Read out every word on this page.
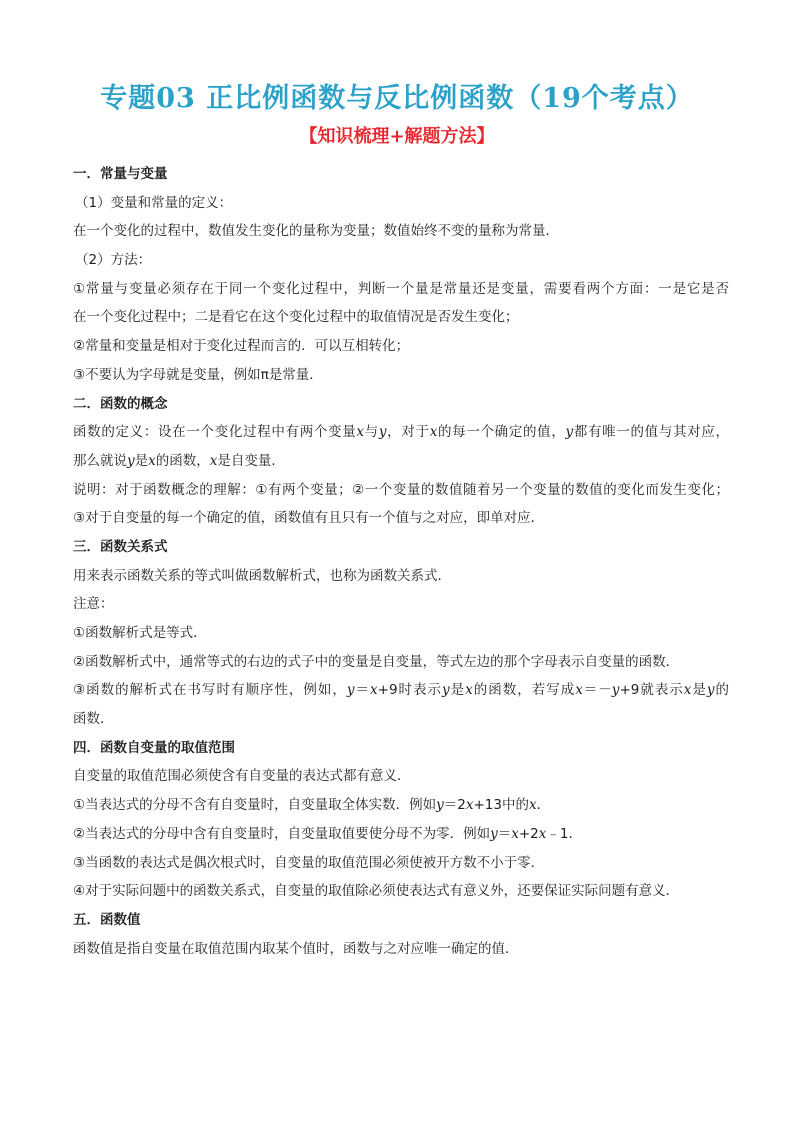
专题03 正比例函数与反比例函数（19个考点）
【知识梳理+解题方法】
一．常量与变量
（1）变量和常量的定义：
在一个变化的过程中，数值发生变化的量称为变量；数值始终不变的量称为常量．
（2）方法：
①常量与变量必须存在于同一个变化过程中，判断一个量是常量还是变量，需要看两个方面：一是它是否
在一个变化过程中；二是看它在这个变化过程中的取值情况是否发生变化；
②常量和变量是相对于变化过程而言的．可以互相转化；
③不要认为字母就是变量，例如π是常量．
二．函数的概念
函数的定义：设在一个变化过程中有两个变量x与y，对于x的每一个确定的值，y都有唯一的值与其对应，
那么就说y是x的函数，x是自变量．
说明：对于函数概念的理解：①有两个变量；②一个变量的数值随着另一个变量的数值的变化而发生变化；
③对于自变量的每一个确定的值，函数值有且只有一个值与之对应，即单对应．
三．函数关系式
用来表示函数关系的等式叫做函数解析式，也称为函数关系式．
注意：
①函数解析式是等式．
②函数解析式中，通常等式的右边的式子中的变量是自变量，等式左边的那个字母表示自变量的函数．
③函数的解析式在书写时有顺序性，例如，y＝x+9时表示y是x的函数，若写成x＝－y+9就表示x是y的
函数．
四．函数自变量的取值范围
自变量的取值范围必须使含有自变量的表达式都有意义．
①当表达式的分母不含有自变量时，自变量取全体实数．例如y＝2x+13中的x．
②当表达式的分母中含有自变量时，自变量取值要使分母不为零．例如y＝x+2x﹣1．
③当函数的表达式是偶次根式时，自变量的取值范围必须使被开方数不小于零．
④对于实际问题中的函数关系式，自变量的取值除必须使表达式有意义外，还要保证实际问题有意义．
五．函数值
函数值是指自变量在取值范围内取某个值时，函数与之对应唯一确定的值．
